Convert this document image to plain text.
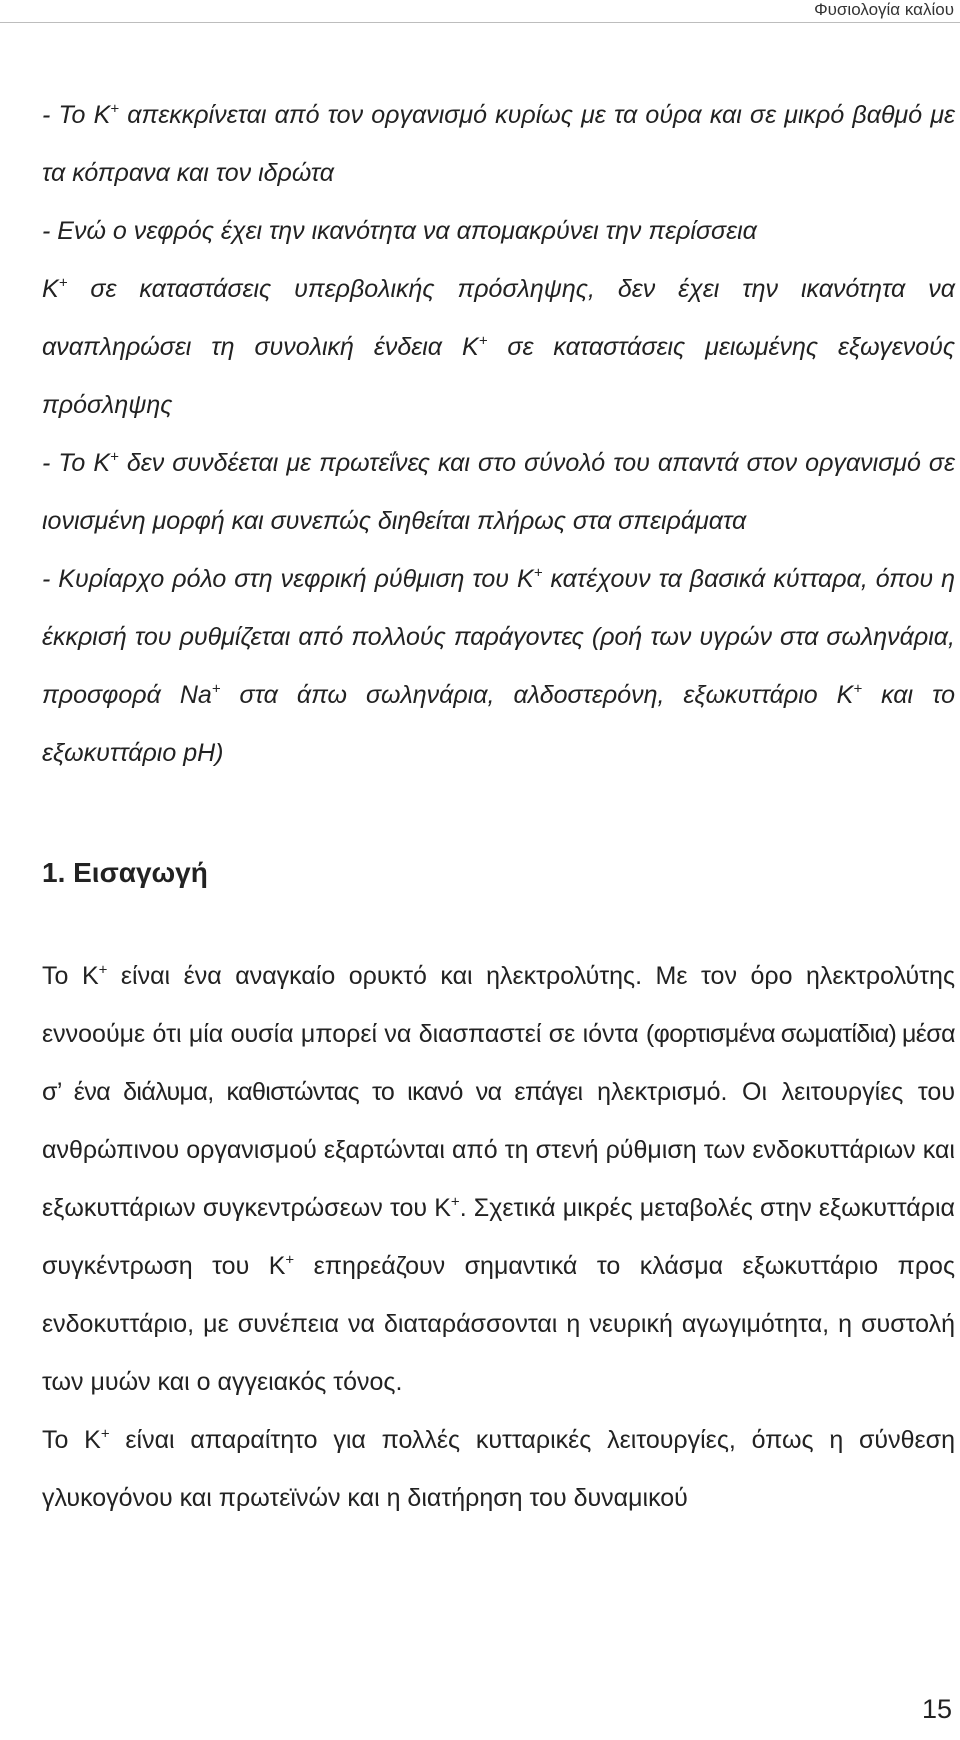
Φυσιολογία καλίου

- Το K+ απεκκρίνεται από τον οργανισμό κυρίως με τα ούρα και σε μικρό βαθμό με τα κόπρανα και τον ιδρώτα

- Ενώ ο νεφρός έχει την ικανότητα να απομακρύνει την περίσσεια
K+ σε καταστάσεις υπερβολικής πρόσληψης, δεν έχει την ικανότητα να αναπληρώσει τη συνολική ένδεια K+ σε καταστάσεις μειωμένης εξωγενούς πρόσληψης

- Το K+ δεν συνδέεται με πρωτεΐνες και στο σύνολό του απαντά στον οργανισμό σε ιονισμένη μορφή και συνεπώς διηθείται πλήρως στα σπειράματα

- Κυρίαρχο ρόλο στη νεφρική ρύθμιση του K+ κατέχουν τα βασικά κύτταρα, όπου η έκκρισή του ρυθμίζεται από πολλούς παράγοντες (ροή των υγρών στα σωληνάρια, προσφορά Na+ στα άπω σωληνάρια, αλδοστερόνη, εξωκυττάριο K+ και το εξωκυττάριο pH)

1. Εισαγωγή

Το K+ είναι ένα αναγκαίο ορυκτό και ηλεκτρολύτης. Με τον όρο ηλεκτρολύτης εννοούμε ότι μία ουσία μπορεί να διασπαστεί σε ιόντα (φορτισμένα σωματίδια) μέσα σ’ ένα διάλυμα, καθιστώντας το ικανό να επάγει ηλεκτρισμό. Οι λειτουργίες του ανθρώπινου οργανισμού εξαρτώνται από τη στενή ρύθμιση των ενδοκυττάριων και εξωκυττάριων συγκεντρώσεων του K+. Σχετικά μικρές μεταβολές στην εξωκυττάρια συγκέντρωση του K+ επηρεάζουν σημαντικά το κλάσμα εξωκυττάριο προς ενδοκυττάριο, με συνέπεια να διαταράσσονται η νευρική αγωγιμότητα, η συστολή των μυών και ο αγγειακός τόνος.

Το K+ είναι απαραίτητο για πολλές κυτταρικές λειτουργίες, όπως η σύνθεση γλυκογόνου και πρωτεϊνών και η διατήρηση του δυναμικού

15
